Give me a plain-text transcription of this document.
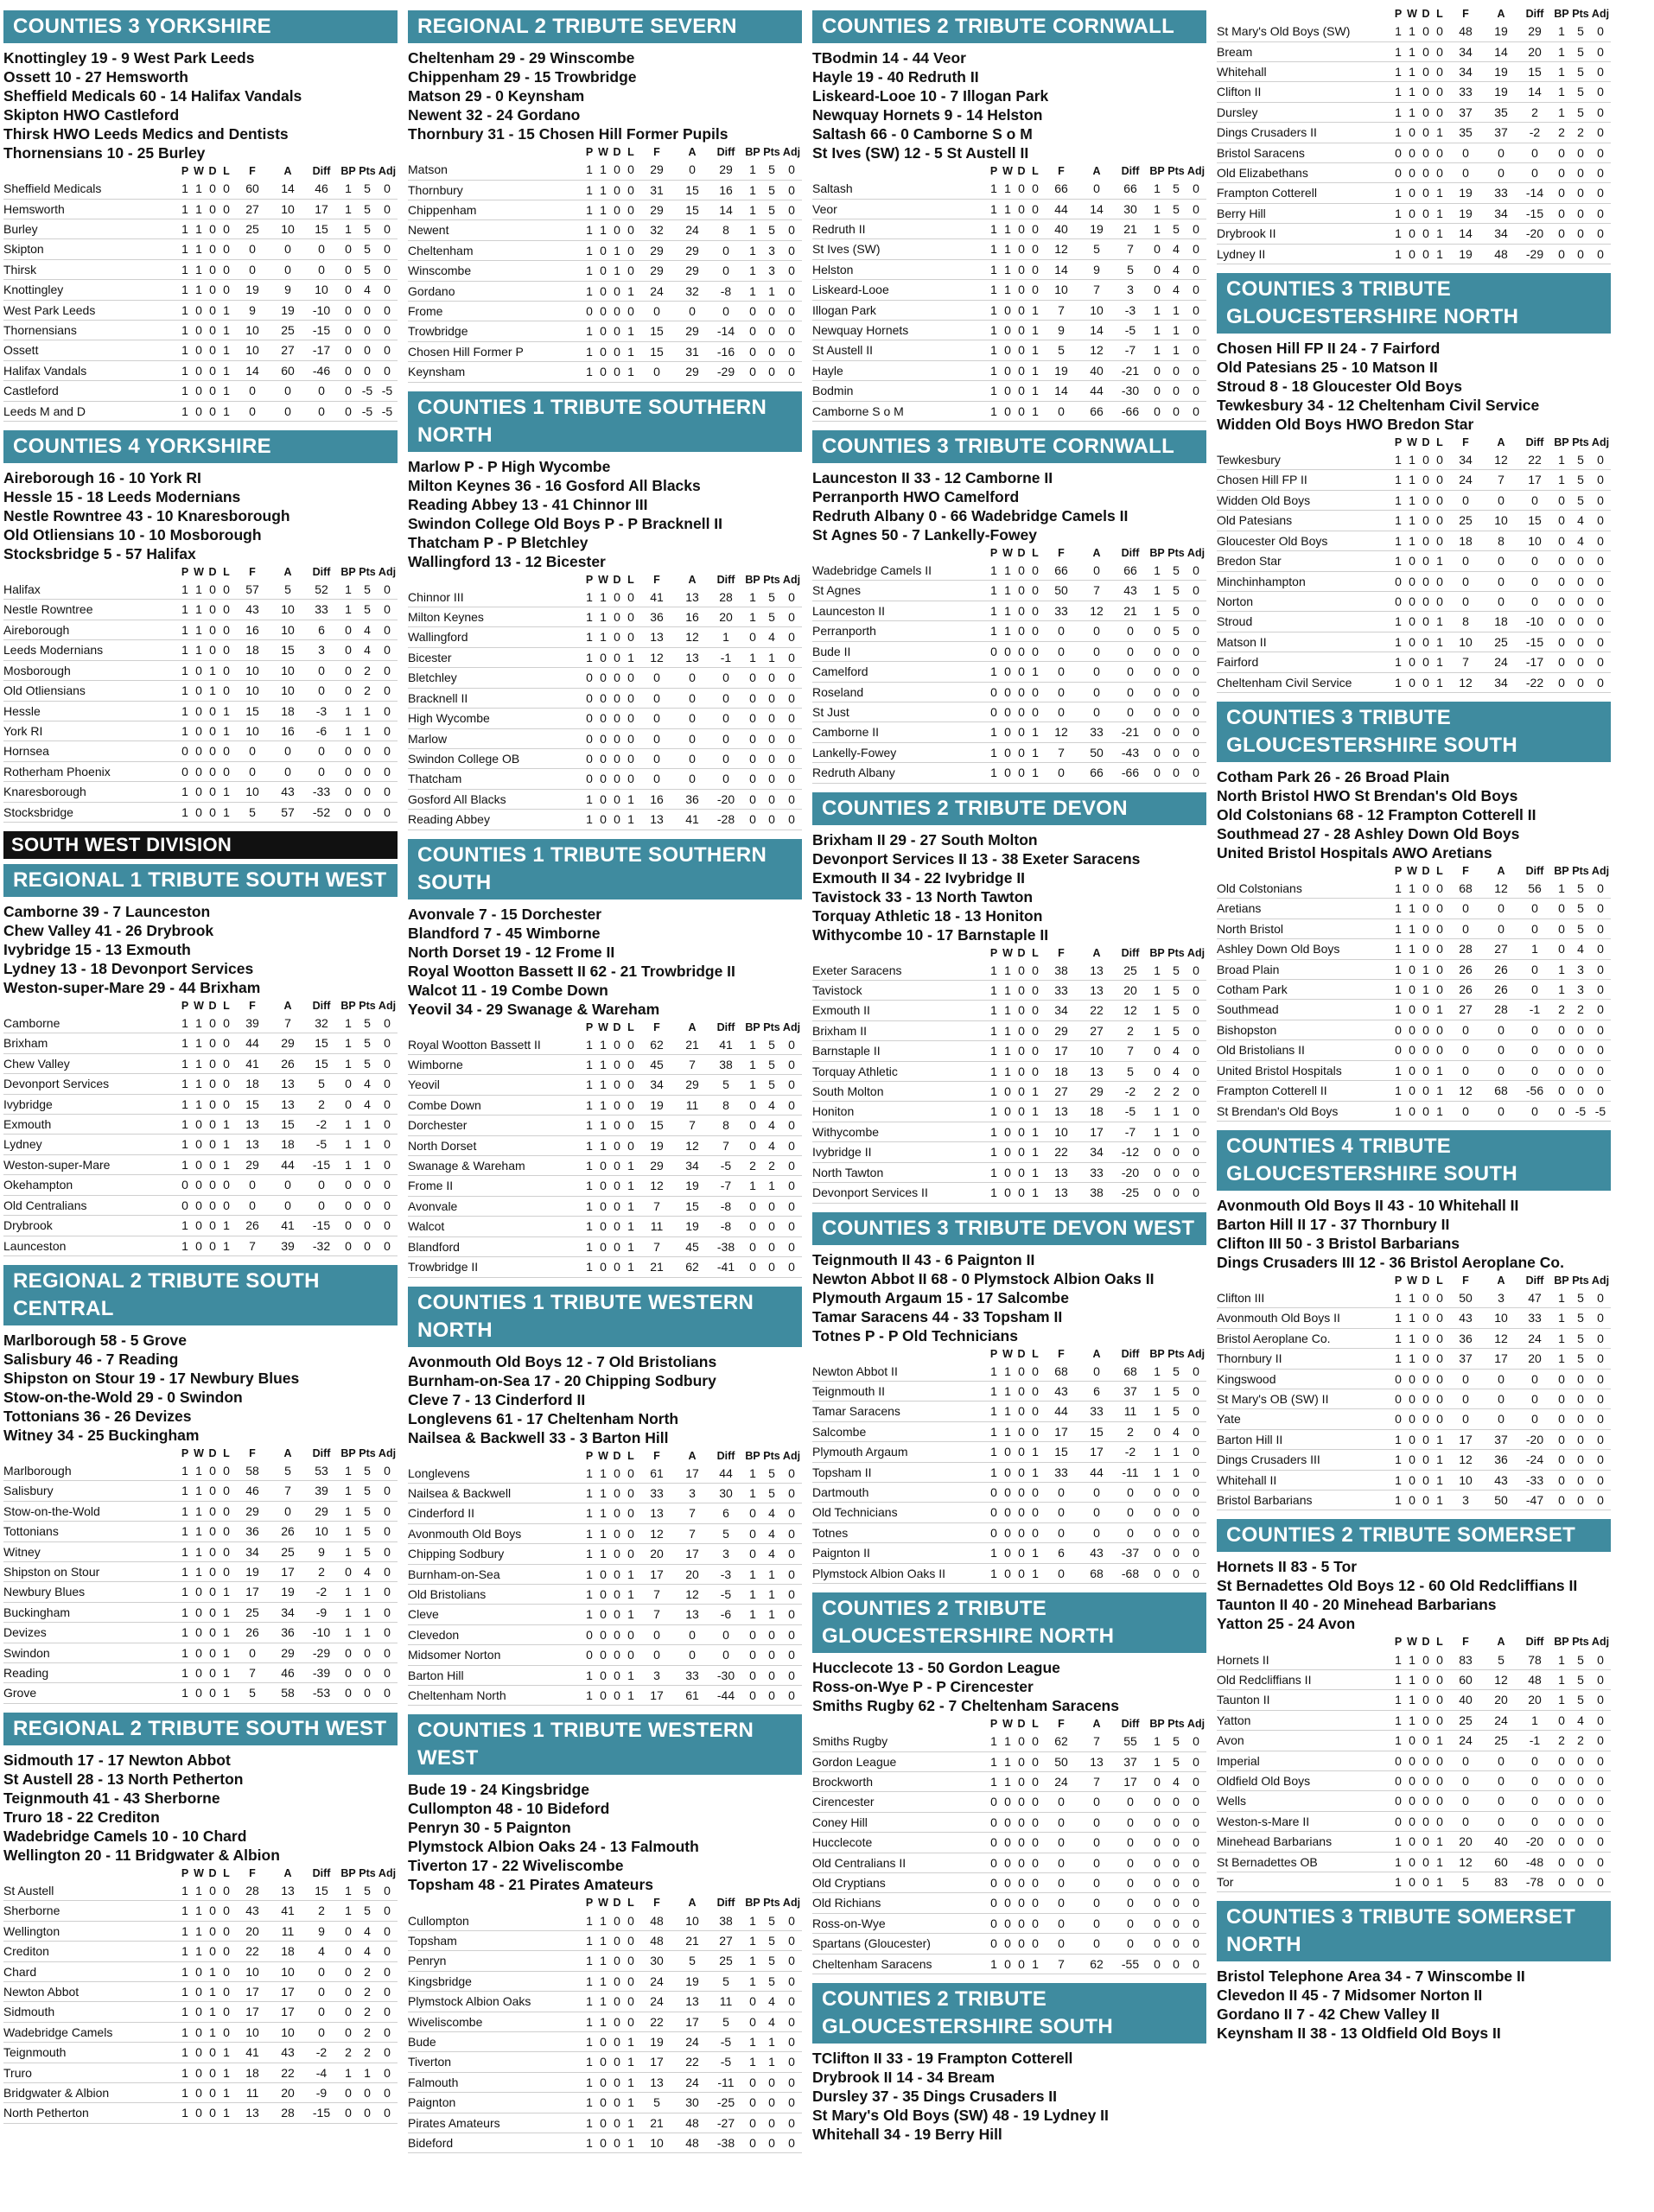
COUNTIES 3 YORKSHIRE
Knottingley 19 - 9 West Park Leeds
Ossett 10 - 27 Hemsworth
Sheffield Medicals 60 - 14 Halifax Vandals
Skipton HWO Castleford
Thirsk HWO Leeds Medics and Dentists
Thornensians 10 - 25 Burley
	P	W	D	L	F	A	Diff	BP	Pts	Adj
Sheffield Medicals	1	1	0	0	60	14	46	1	5	0
Hemsworth	1	1	0	0	27	10	17	1	5	0
Burley	1	1	0	0	25	10	15	1	5	0
Skipton	1	1	0	0	0	0	0	0	5	0
Thirsk	1	1	0	0	0	0	0	0	5	0
Knottingley	1	1	0	0	19	9	10	0	4	0
West Park Leeds	1	0	0	1	9	19	-10	0	0	0
Thornensians	1	0	0	1	10	25	-15	0	0	0
Ossett	1	0	0	1	10	27	-17	0	0	0
Halifax Vandals	1	0	0	1	14	60	-46	0	0	0
Castleford	1	0	0	1	0	0	0	0	-5	-5
Leeds M and D	1	0	0	1	0	0	0	0	-5	-5
COUNTIES 4 YORKSHIRE
Aireborough 16 - 10 York RI
Hessle 15 - 18 Leeds Modernians
Nestle Rowntree 43 - 10 Knaresborough
Old Otliensians 10 - 10 Mosborough
Stocksbridge 5 - 57 Halifax
	P	W	D	L	F	A	Diff	BP	Pts	Adj
Halifax	1	1	0	0	57	5	52	1	5	0
Nestle Rowntree	1	1	0	0	43	10	33	1	5	0
Aireborough	1	1	0	0	16	10	6	0	4	0
Leeds Modernians	1	1	0	0	18	15	3	0	4	0
Mosborough	1	0	1	0	10	10	0	0	2	0
Old Otliensians	1	0	1	0	10	10	0	0	2	0
Hessle	1	0	0	1	15	18	-3	1	1	0
York RI	1	0	0	1	10	16	-6	1	1	0
Hornsea	0	0	0	0	0	0	0	0	0	0
Rotherham Phoenix	0	0	0	0	0	0	0	0	0	0
Knaresborough	1	0	0	1	10	43	-33	0	0	0
Stocksbridge	1	0	0	1	5	57	-52	0	0	0
SOUTH WEST DIVISION
REGIONAL 1 TRIBUTE SOUTH WEST
Camborne 39 - 7 Launceston
Chew Valley 41 - 26 Drybrook
Ivybridge 15 - 13 Exmouth
Lydney 13 - 18 Devonport Services
Weston-super-Mare 29 - 44 Brixham
	P	W	D	L	F	A	Diff	BP	Pts	Adj
Camborne	1	1	0	0	39	7	32	1	5	0
Brixham	1	1	0	0	44	29	15	1	5	0
Chew Valley	1	1	0	0	41	26	15	1	5	0
Devonport Services	1	1	0	0	18	13	5	0	4	0
Ivybridge	1	1	0	0	15	13	2	0	4	0
Exmouth	1	0	0	1	13	15	-2	1	1	0
Lydney	1	0	0	1	13	18	-5	1	1	0
Weston-super-Mare	1	0	0	1	29	44	-15	1	1	0
Okehampton	0	0	0	0	0	0	0	0	0	0
Old Centralians	0	0	0	0	0	0	0	0	0	0
Drybrook	1	0	0	1	26	41	-15	0	0	0
Launceston	1	0	0	1	7	39	-32	0	0	0
REGIONAL 2 TRIBUTE SOUTH CENTRAL
Marlborough 58 - 5 Grove
Salisbury 46 - 7 Reading
Shipston on Stour 19 - 17 Newbury Blues
Stow-on-the-Wold 29 - 0 Swindon
Tottonians 36 - 26 Devizes
Witney 34 - 25 Buckingham
	P	W	D	L	F	A	Diff	BP	Pts	Adj
Marlborough	1	1	0	0	58	5	53	1	5	0
Salisbury	1	1	0	0	46	7	39	1	5	0
Stow-on-the-Wold	1	1	0	0	29	0	29	1	5	0
Tottonians	1	1	0	0	36	26	10	1	5	0
Witney	1	1	0	0	34	25	9	1	5	0
Shipston on Stour	1	1	0	0	19	17	2	0	4	0
Newbury Blues	1	0	0	1	17	19	-2	1	1	0
Buckingham	1	0	0	1	25	34	-9	1	1	0
Devizes	1	0	0	1	26	36	-10	1	1	0
Swindon	1	0	0	1	0	29	-29	0	0	0
Reading	1	0	0	1	7	46	-39	0	0	0
Grove	1	0	0	1	5	58	-53	0	0	0
REGIONAL 2 TRIBUTE SOUTH WEST
Sidmouth 17 - 17 Newton Abbot
St Austell 28 - 13 North Petherton
Teignmouth 41 - 43 Sherborne
Truro 18 - 22 Crediton
Wadebridge Camels 10 - 10 Chard
Wellington 20 - 11 Bridgwater & Albion
	P	W	D	L	F	A	Diff	BP	Pts	Adj
St Austell	1	1	0	0	28	13	15	1	5	0
Sherborne	1	1	0	0	43	41	2	1	5	0
Wellington	1	1	0	0	20	11	9	0	4	0
Crediton	1	1	0	0	22	18	4	0	4	0
Chard	1	0	1	0	10	10	0	0	2	0
Newton Abbot	1	0	1	0	17	17	0	0	2	0
Sidmouth	1	0	1	0	17	17	0	0	2	0
Wadebridge Camels	1	0	1	0	10	10	0	0	2	0
Teignmouth	1	0	0	1	41	43	-2	2	2	0
Truro	1	0	0	1	18	22	-4	1	1	0
Bridgwater & Albion	1	0	0	1	11	20	-9	0	0	0
North Petherton	1	0	0	1	13	28	-15	0	0	0
REGIONAL 2 TRIBUTE SEVERN
Cheltenham 29 - 29 Winscombe
Chippenham 29 - 15 Trowbridge
Matson 29 - 0 Keynsham
Newent 32 - 24 Gordano
Thornbury 31 - 15 Chosen Hill Former Pupils
	P	W	D	L	F	A	Diff	BP	Pts	Adj
Matson	1	1	0	0	29	0	29	1	5	0
Thornbury	1	1	0	0	31	15	16	1	5	0
Chippenham	1	1	0	0	29	15	14	1	5	0
Newent	1	1	0	0	32	24	8	1	5	0
Cheltenham	1	0	1	0	29	29	0	1	3	0
Winscombe	1	0	1	0	29	29	0	1	3	0
Gordano	1	0	0	1	24	32	-8	1	1	0
Frome	0	0	0	0	0	0	0	0	0	0
Trowbridge	1	0	0	1	15	29	-14	0	0	0
Chosen Hill Former P	1	0	0	1	15	31	-16	0	0	0
Keynsham	1	0	0	1	0	29	-29	0	0	0
COUNTIES 1 TRIBUTE SOUTHERN NORTH
Marlow P - P High Wycombe
Milton Keynes 36 - 16 Gosford All Blacks
Reading Abbey 13 - 41 Chinnor III
Swindon College Old Boys P - P Bracknell II
Thatcham P - P Bletchley
Wallingford 13 - 12 Bicester
	P	W	D	L	F	A	Diff	BP	Pts	Adj
Chinnor III	1	1	0	0	41	13	28	1	5	0
Milton Keynes	1	1	0	0	36	16	20	1	5	0
Wallingford	1	1	0	0	13	12	1	0	4	0
Bicester	1	0	0	1	12	13	-1	1	1	0
Bletchley	0	0	0	0	0	0	0	0	0	0
Bracknell II	0	0	0	0	0	0	0	0	0	0
High Wycombe	0	0	0	0	0	0	0	0	0	0
Marlow	0	0	0	0	0	0	0	0	0	0
Swindon College OB	0	0	0	0	0	0	0	0	0	0
Thatcham	0	0	0	0	0	0	0	0	0	0
Gosford All Blacks	1	0	0	1	16	36	-20	0	0	0
Reading Abbey	1	0	0	1	13	41	-28	0	0	0
COUNTIES 1 TRIBUTE SOUTHERN SOUTH
Avonvale 7 - 15 Dorchester
Blandford 7 - 45 Wimborne
North Dorset 19 - 12 Frome II
Royal Wootton Bassett II 62 - 21 Trowbridge II
Walcot 11 - 19 Combe Down
Yeovil 34 - 29 Swanage & Wareham
	P	W	D	L	F	A	Diff	BP	Pts	Adj
Royal Wootton Bassett II	1	1	0	0	62	21	41	1	5	0
Wimborne	1	1	0	0	45	7	38	1	5	0
Yeovil	1	1	0	0	34	29	5	1	5	0
Combe Down	1	1	0	0	19	11	8	0	4	0
Dorchester	1	1	0	0	15	7	8	0	4	0
North Dorset	1	1	0	0	19	12	7	0	4	0
Swanage & Wareham	1	0	0	1	29	34	-5	2	2	0
Frome II	1	0	0	1	12	19	-7	1	1	0
Avonvale	1	0	0	1	7	15	-8	0	0	0
Walcot	1	0	0	1	11	19	-8	0	0	0
Blandford	1	0	0	1	7	45	-38	0	0	0
Trowbridge II	1	0	0	1	21	62	-41	0	0	0
COUNTIES 1 TRIBUTE WESTERN NORTH
Avonmouth Old Boys 12 - 7 Old Bristolians
Burnham-on-Sea 17 - 20 Chipping Sodbury
Cleve 7 - 13 Cinderford II
Longlevens 61 - 17 Cheltenham North
Nailsea & Backwell 33 - 3 Barton Hill
	P	W	D	L	F	A	Diff	BP	Pts	Adj
Longlevens	1	1	0	0	61	17	44	1	5	0
Nailsea & Backwell	1	1	0	0	33	3	30	1	5	0
Cinderford II	1	1	0	0	13	7	6	0	4	0
Avonmouth Old Boys	1	1	0	0	12	7	5	0	4	0
Chipping Sodbury	1	1	0	0	20	17	3	0	4	0
Burnham-on-Sea	1	0	0	1	17	20	-3	1	1	0
Old Bristolians	1	0	0	1	7	12	-5	1	1	0
Cleve	1	0	0	1	7	13	-6	1	1	0
Clevedon	0	0	0	0	0	0	0	0	0	0
Midsomer Norton	0	0	0	0	0	0	0	0	0	0
Barton Hill	1	0	0	1	3	33	-30	0	0	0
Cheltenham North	1	0	0	1	17	61	-44	0	0	0
COUNTIES 1 TRIBUTE WESTERN WEST
Bude 19 - 24 Kingsbridge
Cullompton 48 - 10 Bideford
Penryn 30 - 5 Paignton
Plymstock Albion Oaks 24 - 13 Falmouth
Tiverton 17 - 22 Wiveliscombe
Topsham 48 - 21 Pirates Amateurs
	P	W	D	L	F	A	Diff	BP	Pts	Adj
Cullompton	1	1	0	0	48	10	38	1	5	0
Topsham	1	1	0	0	48	21	27	1	5	0
Penryn	1	1	0	0	30	5	25	1	5	0
Kingsbridge	1	1	0	0	24	19	5	1	5	0
Plymstock Albion Oaks	1	1	0	0	24	13	11	0	4	0
Wiveliscombe	1	1	0	0	22	17	5	0	4	0
Bude	1	0	0	1	19	24	-5	1	1	0
Tiverton	1	0	0	1	17	22	-5	1	1	0
Falmouth	1	0	0	1	13	24	-11	0	0	0
Paignton	1	0	0	1	5	30	-25	0	0	0
Pirates Amateurs	1	0	0	1	21	48	-27	0	0	0
Bideford	1	0	0	1	10	48	-38	0	0	0
COUNTIES 2 TRIBUTE CORNWALL
TBodmin 14 - 44 Veor
Hayle 19 - 40 Redruth II
Liskeard-Looe 10 - 7 Illogan Park
Newquay Hornets 9 - 14 Helston
Saltash 66 - 0 Camborne S o M
St Ives (SW) 12 - 5 St Austell II
	P	W	D	L	F	A	Diff	BP	Pts	Adj
Saltash	1	1	0	0	66	0	66	1	5	0
Veor	1	1	0	0	44	14	30	1	5	0
Redruth II	1	1	0	0	40	19	21	1	5	0
St Ives (SW)	1	1	0	0	12	5	7	0	4	0
Helston	1	1	0	0	14	9	5	0	4	0
Liskeard-Looe	1	1	0	0	10	7	3	0	4	0
Illogan Park	1	0	0	1	7	10	-3	1	1	0
Newquay Hornets	1	0	0	1	9	14	-5	1	1	0
St Austell II	1	0	0	1	5	12	-7	1	1	0
Hayle	1	0	0	1	19	40	-21	0	0	0
Bodmin	1	0	0	1	14	44	-30	0	0	0
Camborne S o M	1	0	0	1	0	66	-66	0	0	0
COUNTIES 3 TRIBUTE CORNWALL
Launceston II 33 - 12 Camborne II
Perranporth HWO Camelford
Redruth Albany 0 - 66 Wadebridge Camels II
St Agnes 50 - 7 Lankelly-Fowey
	P	W	D	L	F	A	Diff	BP	Pts	Adj
Wadebridge Camels II	1	1	0	0	66	0	66	1	5	0
St Agnes	1	1	0	0	50	7	43	1	5	0
Launceston II	1	1	0	0	33	12	21	1	5	0
Perranporth	1	1	0	0	0	0	0	0	5	0
Bude II	0	0	0	0	0	0	0	0	0	0
Camelford	1	0	0	1	0	0	0	0	0	0
Roseland	0	0	0	0	0	0	0	0	0	0
St Just	0	0	0	0	0	0	0	0	0	0
Camborne II	1	0	0	1	12	33	-21	0	0	0
Lankelly-Fowey	1	0	0	1	7	50	-43	0	0	0
Redruth Albany	1	0	0	1	0	66	-66	0	0	0
COUNTIES 2 TRIBUTE DEVON
Brixham II 29 - 27 South Molton
Devonport Services II 13 - 38 Exeter Saracens
Exmouth II 34 - 22 Ivybridge II
Tavistock 33 - 13 North Tawton
Torquay Athletic 18 - 13 Honiton
Withycombe 10 - 17 Barnstaple II
	P	W	D	L	F	A	Diff	BP	Pts	Adj
Exeter Saracens	1	1	0	0	38	13	25	1	5	0
Tavistock	1	1	0	0	33	13	20	1	5	0
Exmouth II	1	1	0	0	34	22	12	1	5	0
Brixham II	1	1	0	0	29	27	2	1	5	0
Barnstaple II	1	1	0	0	17	10	7	0	4	0
Torquay Athletic	1	1	0	0	18	13	5	0	4	0
South Molton	1	0	0	1	27	29	-2	2	2	0
Honiton	1	0	0	1	13	18	-5	1	1	0
Withycombe	1	0	0	1	10	17	-7	1	1	0
Ivybridge II	1	0	0	1	22	34	-12	0	0	0
North Tawton	1	0	0	1	13	33	-20	0	0	0
Devonport Services II	1	0	0	1	13	38	-25	0	0	0
COUNTIES 3 TRIBUTE DEVON WEST
Teignmouth II 43 - 6 Paignton II
Newton Abbot II 68 - 0 Plymstock Albion Oaks II
Plymouth Argaum 15 - 17 Salcombe
Tamar Saracens 44 - 33 Topsham II
Totnes P - P Old Technicians
	P	W	D	L	F	A	Diff	BP	Pts	Adj
Newton Abbot II	1	1	0	0	68	0	68	1	5	0
Teignmouth II	1	1	0	0	43	6	37	1	5	0
Tamar Saracens	1	1	0	0	44	33	11	1	5	0
Salcombe	1	1	0	0	17	15	2	0	4	0
Plymouth Argaum	1	0	0	1	15	17	-2	1	1	0
Topsham II	1	0	0	1	33	44	-11	1	1	0
Dartmouth	0	0	0	0	0	0	0	0	0	0
Old Technicians	0	0	0	0	0	0	0	0	0	0
Totnes	0	0	0	0	0	0	0	0	0	0
Paignton II	1	0	0	1	6	43	-37	0	0	0
Plymstock Albion Oaks II	1	0	0	1	0	68	-68	0	0	0
COUNTIES 2 TRIBUTE GLOUCESTERSHIRE NORTH
Hucclecote 13 - 50 Gordon League
Ross-on-Wye P - P Cirencester
Smiths Rugby 62 - 7 Cheltenham Saracens
	P	W	D	L	F	A	Diff	BP	Pts	Adj
Smiths Rugby	1	1	0	0	62	7	55	1	5	0
Gordon League	1	1	0	0	50	13	37	1	5	0
Brockworth	1	1	0	0	24	7	17	0	4	0
Cirencester	0	0	0	0	0	0	0	0	0	0
Coney Hill	0	0	0	0	0	0	0	0	0	0
Hucclecote	0	0	0	0	0	0	0	0	0	0
Old Centralians II	0	0	0	0	0	0	0	0	0	0
Old Cryptians	0	0	0	0	0	0	0	0	0	0
Old Richians	0	0	0	0	0	0	0	0	0	0
Ross-on-Wye	0	0	0	0	0	0	0	0	0	0
Spartans (Gloucester)	0	0	0	0	0	0	0	0	0	0
Cheltenham Saracens	1	0	0	1	7	62	-55	0	0	0
COUNTIES 2 TRIBUTE GLOUCESTERSHIRE SOUTH
TClifton II 33 - 19 Frampton Cotterell
Drybrook II 14 - 34 Bream
Dursley 37 - 35 Dings Crusaders II
St Mary's Old Boys (SW) 48 - 19 Lydney II
Whitehall 34 - 19 Berry Hill
	P	W	D	L	F	A	Diff	BP	Pts	Adj
St Mary's Old Boys (SW)	1	1	0	0	48	19	29	1	5	0
Bream	1	1	0	0	34	14	20	1	5	0
Whitehall	1	1	0	0	34	19	15	1	5	0
Clifton II	1	1	0	0	33	19	14	1	5	0
Dursley	1	1	0	0	37	35	2	1	5	0
Dings Crusaders II	1	0	0	1	35	37	-2	2	2	0
Bristol Saracens	0	0	0	0	0	0	0	0	0	0
Old Elizabethans	0	0	0	0	0	0	0	0	0	0
Frampton Cotterell	1	0	0	1	19	33	-14	0	0	0
Berry Hill	1	0	0	1	19	34	-15	0	0	0
Drybrook II	1	0	0	1	14	34	-20	0	0	0
Lydney II	1	0	0	1	19	48	-29	0	0	0
COUNTIES 3 TRIBUTE GLOUCESTERSHIRE NORTH
Chosen Hill FP II 24 - 7 Fairford
Old Patesians 25 - 10 Matson II
Stroud 8 - 18 Gloucester Old Boys
Tewkesbury 34 - 12 Cheltenham Civil Service
Widden Old Boys HWO Bredon Star
	P	W	D	L	F	A	Diff	BP	Pts	Adj
Tewkesbury	1	1	0	0	34	12	22	1	5	0
Chosen Hill FP II	1	1	0	0	24	7	17	1	5	0
Widden Old Boys	1	1	0	0	0	0	0	0	5	0
Old Patesians	1	1	0	0	25	10	15	0	4	0
Gloucester Old Boys	1	1	0	0	18	8	10	0	4	0
Bredon Star	1	0	0	1	0	0	0	0	0	0
Minchinhampton	0	0	0	0	0	0	0	0	0	0
Norton	0	0	0	0	0	0	0	0	0	0
Stroud	1	0	0	1	8	18	-10	0	0	0
Matson II	1	0	0	1	10	25	-15	0	0	0
Fairford	1	0	0	1	7	24	-17	0	0	0
Cheltenham Civil Service	1	0	0	1	12	34	-22	0	0	0
COUNTIES 3 TRIBUTE GLOUCESTERSHIRE SOUTH
Cotham Park 26 - 26 Broad Plain
North Bristol HWO St Brendan's Old Boys
Old Colstonians 68 - 12 Frampton Cotterell II
Southmead 27 - 28 Ashley Down Old Boys
United Bristol Hospitals AWO Aretians
	P	W	D	L	F	A	Diff	BP	Pts	Adj
Old Colstonians	1	1	0	0	68	12	56	1	5	0
Aretians	1	1	0	0	0	0	0	0	5	0
North Bristol	1	1	0	0	0	0	0	0	5	0
Ashley Down Old Boys	1	1	0	0	28	27	1	0	4	0
Broad Plain	1	0	1	0	26	26	0	1	3	0
Cotham Park	1	0	1	0	26	26	0	1	3	0
Southmead	1	0	0	1	27	28	-1	2	2	0
Bishopston	0	0	0	0	0	0	0	0	0	0
Old Bristolians II	0	0	0	0	0	0	0	0	0	0
United Bristol Hospitals	1	0	0	1	0	0	0	0	0	0
Frampton Cotterell II	1	0	0	1	12	68	-56	0	0	0
St Brendan's Old Boys	1	0	0	1	0	0	0	0	-5	-5
COUNTIES 4 TRIBUTE GLOUCESTERSHIRE SOUTH
Avonmouth Old Boys II 43 - 10 Whitehall II
Barton Hill II 17 - 37 Thornbury II
Clifton III 50 - 3 Bristol Barbarians
Dings Crusaders III 12 - 36 Bristol Aeroplane Co.
	P	W	D	L	F	A	Diff	BP	Pts	Adj
Clifton III	1	1	0	0	50	3	47	1	5	0
Avonmouth Old Boys II	1	1	0	0	43	10	33	1	5	0
Bristol Aeroplane Co.	1	1	0	0	36	12	24	1	5	0
Thornbury II	1	1	0	0	37	17	20	1	5	0
Kingswood	0	0	0	0	0	0	0	0	0	0
St Mary's OB (SW) II	0	0	0	0	0	0	0	0	0	0
Yate	0	0	0	0	0	0	0	0	0	0
Barton Hill II	1	0	0	1	17	37	-20	0	0	0
Dings Crusaders III	1	0	0	1	12	36	-24	0	0	0
Whitehall II	1	0	0	1	10	43	-33	0	0	0
Bristol Barbarians	1	0	0	1	3	50	-47	0	0	0
COUNTIES 2 TRIBUTE SOMERSET
Hornets II 83 - 5 Tor
St Bernadettes Old Boys 12 - 60 Old Redcliffians II
Taunton II 40 - 20 Minehead Barbarians
Yatton 25 - 24 Avon
	P	W	D	L	F	A	Diff	BP	Pts	Adj
Hornets II	1	1	0	0	83	5	78	1	5	0
Old Redcliffians II	1	1	0	0	60	12	48	1	5	0
Taunton II	1	1	0	0	40	20	20	1	5	0
Yatton	1	1	0	0	25	24	1	0	4	0
Avon	1	0	0	1	24	25	-1	2	2	0
Imperial	0	0	0	0	0	0	0	0	0	0
Oldfield Old Boys	0	0	0	0	0	0	0	0	0	0
Wells	0	0	0	0	0	0	0	0	0	0
Weston-s-Mare II	0	0	0	0	0	0	0	0	0	0
Minehead Barbarians	1	0	0	1	20	40	-20	0	0	0
St Bernadettes OB	1	0	0	1	12	60	-48	0	0	0
Tor	1	0	0	1	5	83	-78	0	0	0
COUNTIES 3 TRIBUTE SOMERSET NORTH
Bristol Telephone Area 34 - 7 Winscombe II
Clevedon II 45 - 7 Midsomer Norton II
Gordano II 7 - 42 Chew Valley II
Keynsham II 38 - 13 Oldfield Old Boys II
